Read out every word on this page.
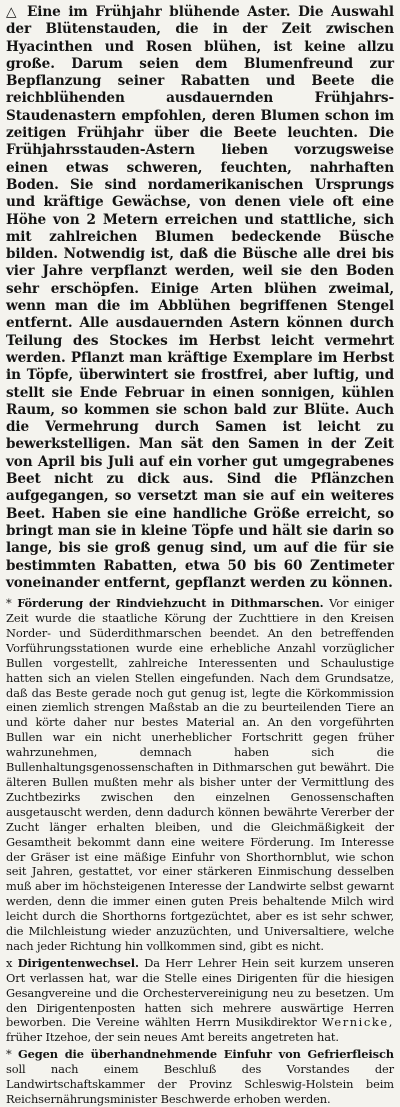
△ Eine im Frühjahr blühende Aster. Die Auswahl der Blütenstauden, die in der Zeit zwischen Hyacinthen und Rosen blühen, ist keine allzu große. Darum seien dem Blumenfreund zur Bepflanzung seiner Rabatten und Beete die reichblühenden ausdauernden Frühjahrs-Staudenastern empfohlen, deren Blumen schon im zeitigen Frühjahr über die Beete leuchten. Die Frühjahrsstauden-Astern lieben vorzugsweise einen etwas schweren, feuchten, nahrhaften Boden. Sie sind nordamerikanischen Ursprungs und kräftige Gewächse, von denen viele oft eine Höhe von 2 Metern erreichen und stattliche, sich mit zahlreichen Blumen bedeckende Büsche bilden. Notwendig ist, daß die Büsche alle drei bis vier Jahre verpflanzt werden, weil sie den Boden sehr erschöpfen. Einige Arten blühen zweimal, wenn man die im Abblühen begriffenen Stengel entfernt. Alle ausdauernden Astern können durch Teilung des Stockes im Herbst leicht vermehrt werden. Pflanzt man kräftige Exemplare im Herbst in Töpfe, überwintert sie frostfrei, aber luftig, und stellt sie Ende Februar in einen sonnigen, kühlen Raum, so kommen sie schon bald zur Blüte. Auch die Vermehrung durch Samen ist leicht zu bewerkstelligen. Man sät den Samen in der Zeit von April bis Juli auf ein vorher gut umgegrabenes Beet nicht zu dick aus. Sind die Pflänzchen aufgegangen, so versetzt man sie auf ein weiteres Beet. Haben sie eine handliche Größe erreicht, so bringt man sie in kleine Töpfe und hält sie darin so lange, bis sie groß genug sind, um auf die für sie bestimmten Rabatten, etwa 50 bis 60 Zentimeter voneinander entfernt, gepflanzt werden zu können.

* Förderung der Rindviehzucht in Dithmarschen. Vor einiger Zeit wurde die staatliche Körung der Zuchttiere in den Kreisen Norder- und Süderdithmarschen beendet. An den betreffenden Vorführungsstationen wurde eine erhebliche Anzahl vorzüglicher Bullen vorgestellt, zahlreiche Interessenten und Schaulustige hatten sich an vielen Stellen eingefunden. Nach dem Grundsatze, daß das Beste gerade noch gut genug ist, legte die Körkommission einen ziemlich strengen Maßstab an die zu beurteilenden Tiere an und körte daher nur bestes Material an. An den vorgeführten Bullen war ein nicht unerheblicher Fortschritt gegen früher wahrzunehmen, demnach haben sich die Bullenhaltungsgenossenschaften in Dithmarschen gut bewährt. Die älteren Bullen mußten mehr als bisher unter der Vermittlung des Zuchtbezirks zwischen den einzelnen Genossenschaften ausgetauscht werden, denn dadurch können bewährte Vererber der Zucht länger erhalten bleiben, und die Gleichmäßigkeit der Gesamtheit bekommt dann eine weitere Förderung. Im Interesse der Gräser ist eine mäßige Einfuhr von Shorthornblut, wie schon seit Jahren, gestattet, vor einer stärkeren Einmischung desselben muß aber im höchsteigenen Interesse der Landwirte selbst gewarnt werden, denn die immer einen guten Preis behaltende Milch wird leicht durch die Shorthorns fortgezüchtet, aber es ist sehr schwer, die Milchleistung wieder anzuzüchten, und Universaltiere, welche nach jeder Richtung hin vollkommen sind, gibt es nicht.

x Dirigentenwechsel. Da Herr Lehrer Hein seit kurzem unseren Ort verlassen hat, war die Stelle eines Dirigenten für die hiesigen Gesangvereine und die Orchestervereinigung neu zu besetzen. Um den Dirigentenposten hatten sich mehrere auswärtige Herren beworben. Die Vereine wählten Herrn Musikdirektor Wernicke, früher Itzehoe, der sein neues Amt bereits angetreten hat.

* Gegen die überhandnehmende Einfuhr von Gefrierfleisch soll nach einem Beschluß des Vorstandes der Landwirtschaftskammer der Provinz Schleswig-Holstein beim Reichsernährungsminister Beschwerde erhoben werden.
